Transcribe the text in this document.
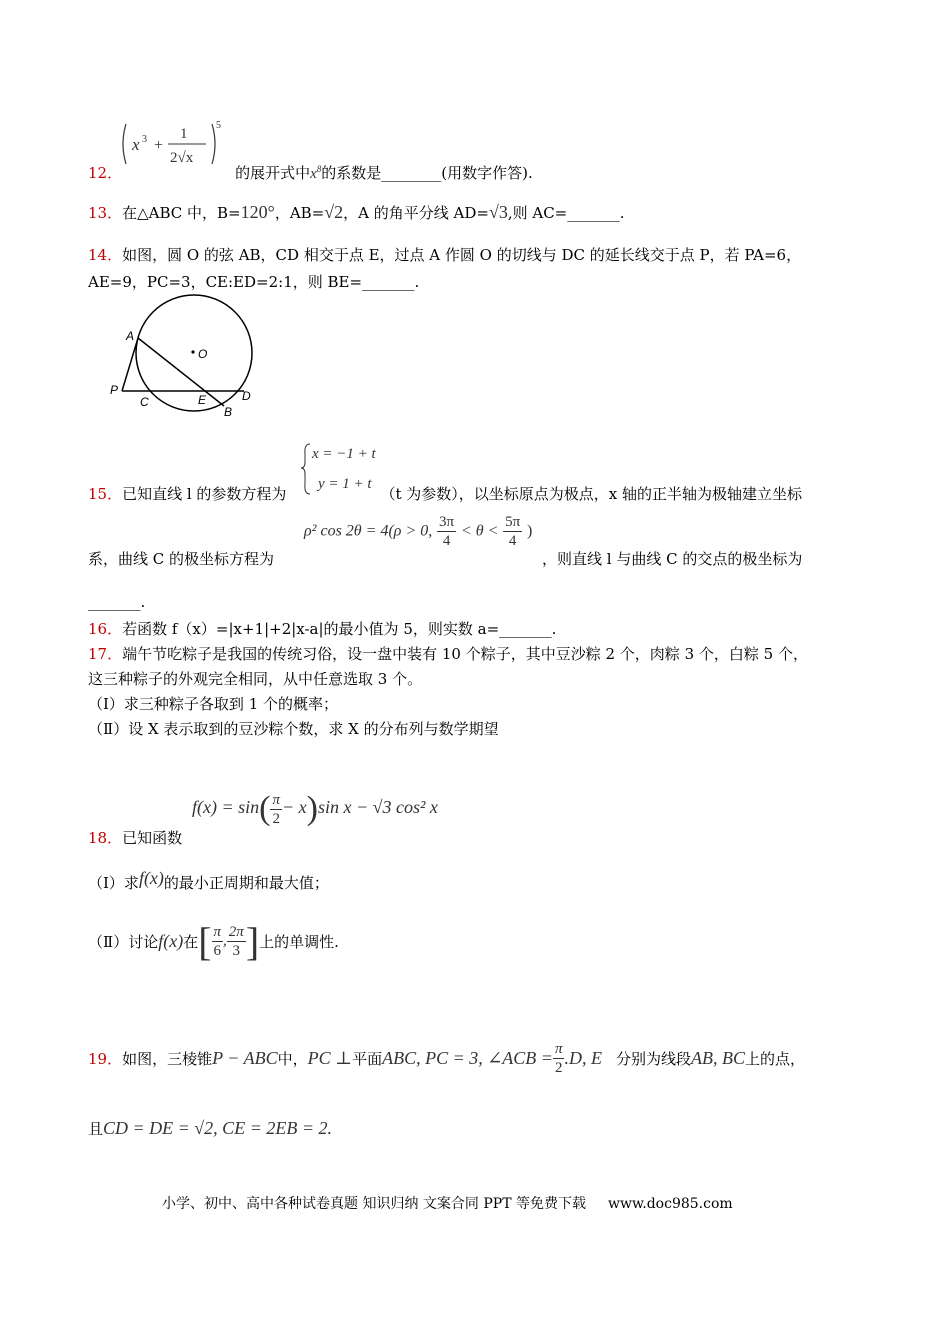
x 3 +
1
2√x
5
12．	的展开式中$x^8$的系数是________(用数字作答).
13．在△ABC 中，B=120°，AB=√2，A 的角平分线 AD=√3,则 AC=_______.
14．如图，圆 O 的弦 AB，CD 相交于点 E，过点 A 作圆 O 的切线与 DC 的延长线交于点 P，若 PA=6，
AE=9，PC=3，CE:ED=2:1，则 BE=_______.
A
O
P
C	E
B
D
x = −1 + t
y = 1 + t
15．已知直线 l 的参数方程为	（t 为参数），以坐标原点为极点，x 轴的正半轴为极轴建立坐标
ρ² cos 2θ = 4(ρ > 0, $\frac{3\pi}{4} < \theta < \frac{5\pi}{4}$ )
系，曲线 C 的极坐标方程为	，则直线 l 与曲线 C 的交点的极坐标为
_______.
16．若函数 f（x）=|x+1|+2|x-a|的最小值为 5，则实数 a=_______.
17．端午节吃粽子是我国的传统习俗，设一盘中装有 10 个粽子，其中豆沙粽 2 个，肉粽 3 个，白粽 5 个，
这三种粽子的外观完全相同，从中任意选取 3 个。
（Ⅰ）求三种粽子各取到 1 个的概率；
（Ⅱ）设 X 表示取到的豆沙粽个数，求 X 的分布列与数学期望
$f(x) = \sin( \frac{\pi}{2} - x)\sin$ x − √3 cos² x
18．已知函数
（Ⅰ）求f(x)的最小正周期和最大值；
（Ⅱ）讨论f(x)在[ $\frac{\pi}{6}$ , $\frac{2\pi}{3}$ ]上的单调性.
19．如图，三棱锥P − ABC中，PC ⊥平面ABC, PC = 3, ∠ACB = $\frac{\pi}{2} .D$, E 分别为线段AB, BC上的点，
且CD = DE = √2, CE = 2EB = 2.
小学、初中、高中各种试卷真题 知识归纳 文案合同 PPT 等免费下载 www.doc985.com
